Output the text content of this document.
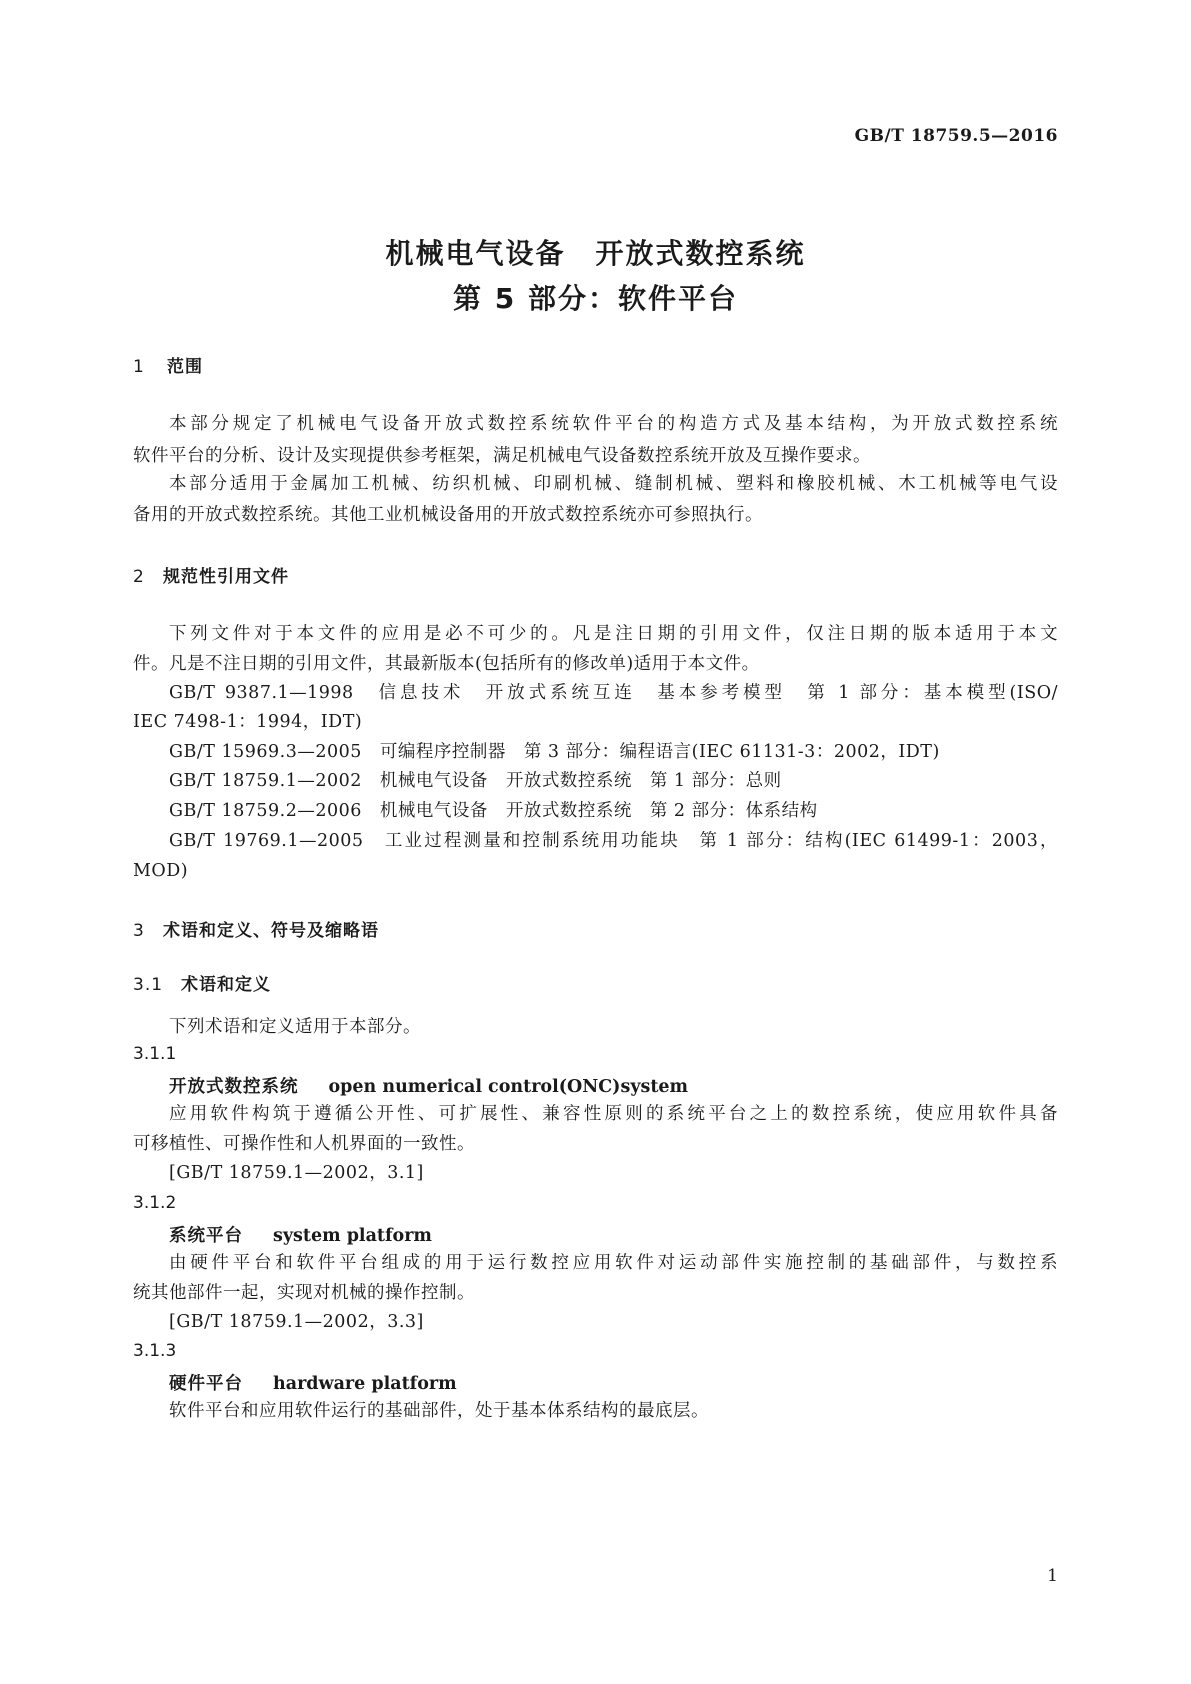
GB/T 18759.5—2016
机械电气设备　开放式数控系统
第 5 部分：软件平台
1 范围
本部分规定了机械电气设备开放式数控系统软件平台的构造方式及基本结构，为开放式数控系统
软件平台的分析、设计及实现提供参考框架，满足机械电气设备数控系统开放及互操作要求。
本部分适用于金属加工机械、纺织机械、印刷机械、缝制机械、塑料和橡胶机械、木工机械等电气设
备用的开放式数控系统。其他工业机械设备用的开放式数控系统亦可参照执行。
2 规范性引用文件
下列文件对于本文件的应用是必不可少的。凡是注日期的引用文件，仅注日期的版本适用于本文
件。凡是不注日期的引用文件，其最新版本(包括所有的修改单)适用于本文件。
GB/T 9387.1—1998　信息技术　开放式系统互连　基本参考模型　第 1 部分：基本模型(ISO/
IEC 7498-1：1994，IDT)
GB/T 15969.3—2005　可编程序控制器　第 3 部分：编程语言(IEC 61131-3：2002，IDT)
GB/T 18759.1—2002　机械电气设备　开放式数控系统　第 1 部分：总则
GB/T 18759.2—2006　机械电气设备　开放式数控系统　第 2 部分：体系结构
GB/T 19769.1—2005　工业过程测量和控制系统用功能块　第 1 部分：结构(IEC 61499-1：2003，
MOD)
3 术语和定义、符号及缩略语
3.1 术语和定义
下列术语和定义适用于本部分。
3.1.1
开放式数控系统 open numerical control(ONC)system
应用软件构筑于遵循公开性、可扩展性、兼容性原则的系统平台之上的数控系统，使应用软件具备
可移植性、可操作性和人机界面的一致性。
[GB/T 18759.1—2002，3.1]
3.1.2
系统平台 system platform
由硬件平台和软件平台组成的用于运行数控应用软件对运动部件实施控制的基础部件，与数控系
统其他部件一起，实现对机械的操作控制。
[GB/T 18759.1—2002，3.3]
3.1.3
硬件平台 hardware platform
软件平台和应用软件运行的基础部件，处于基本体系结构的最底层。
1
